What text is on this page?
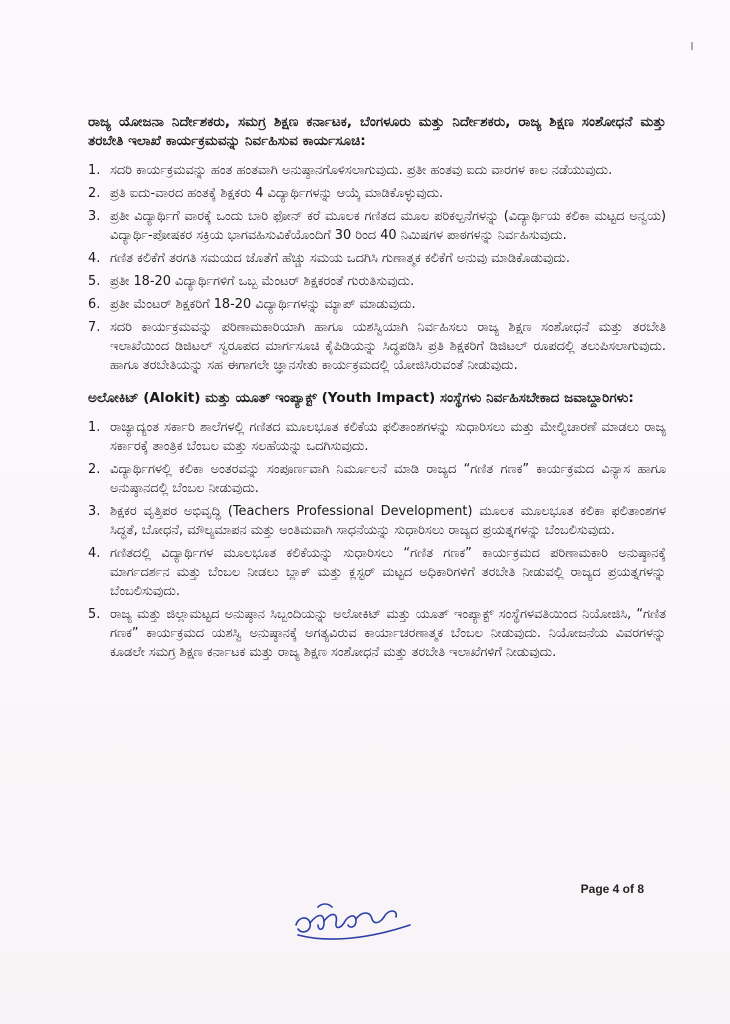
ರಾಜ್ಯ ಯೋಜನಾ ನಿರ್ದೇಶಕರು, ಸಮಗ್ರ ಶಿಕ್ಷಣ ಕರ್ನಾಟಕ, ಬೆಂಗಳೂರು ಮತ್ತು ನಿರ್ದೇಶಕರು, ರಾಜ್ಯ ಶಿಕ್ಷಣ ಸಂಶೋಧನೆ ಮತ್ತು ತರಬೇತಿ ಇಲಾಖೆ ಕಾರ್ಯಕ್ರಮವನ್ನು ನಿರ್ವಹಿಸುವ ಕಾರ್ಯಸೂಚಿ:
1. ಸದರಿ ಕಾರ್ಯಕ್ರಮವನ್ನು ಹಂತ ಹಂತವಾಗಿ ಅನುಷ್ಠಾನಗೊಳಿಸಲಾಗುವುದು. ಪ್ರತೀ ಹಂತವು ಐದು ವಾರಗಳ ಕಾಲ ನಡೆಯುವುದು.
2. ಪ್ರತಿ ಐದು-ವಾರದ ಹಂತಕ್ಕೆ ಶಿಕ್ಷಕರು 4 ವಿದ್ಯಾರ್ಥಿಗಳನ್ನು ಆಯ್ಕೆ ಮಾಡಿಕೊಳ್ಳುವುದು.
3. ಪ್ರತೀ ವಿದ್ಯಾರ್ಥಿಗೆ ವಾರಕ್ಕೆ ಒಂದು ಬಾರಿ ಫೋನ್ ಕರೆ ಮೂಲಕ ಗಣಿತದ ಮೂಲ ಪರಿಕಲ್ಪನೆಗಳನ್ನು (ವಿದ್ಯಾರ್ಥಿಯ ಕಲಿಕಾ ಮಟ್ಟದ ಅನ್ವಯ) ವಿದ್ಯಾರ್ಥಿ-ಪೋಷಕರ ಸಕ್ರಿಯ ಭಾಗವಹಿಸುವಿಕೆಯೊಂದಿಗೆ 30 ರಿಂದ 40 ನಿಮಿಷಗಳ ಪಾಠಗಳನ್ನು ನಿರ್ವಹಿಸುವುದು.
4. ಗಣಿತ ಕಲಿಕೆಗೆ ತರಗತಿ ಸಮಯದ ಜೊತೆಗೆ ಹೆಚ್ಚು ಸಮಯ ಒದಗಿಸಿ ಗುಣಾತ್ಮಕ ಕಲಿಕೆಗೆ ಅನುವು ಮಾಡಿಕೊಡುವುದು.
5. ಪ್ರತೀ 18-20 ವಿದ್ಯಾರ್ಥಿಗಳಿಗೆ ಒಬ್ಬ ಮೆಂಟರ್ ಶಿಕ್ಷಕರಂತೆ ಗುರುತಿಸುವುದು.
6. ಪ್ರತೀ ಮೆಂಟರ್ ಶಿಕ್ಷಕರಿಗೆ 18-20 ವಿದ್ಯಾರ್ಥಿಗಳನ್ನು ಮ್ಯಾಪ್ ಮಾಡುವುದು.
7. ಸದರಿ ಕಾರ್ಯಕ್ರಮವನ್ನು ಪರಿಣಾಮಕಾರಿಯಾಗಿ ಹಾಗೂ ಯಶಸ್ವಿಯಾಗಿ ನಿರ್ವಹಿಸಲು ರಾಜ್ಯ ಶಿಕ್ಷಣ ಸಂಶೋಧನೆ ಮತ್ತು ತರಬೇತಿ ಇಲಾಖೆಯಿಂದ ಡಿಜಿಟಲ್ ಸ್ವರೂಪದ ಮಾರ್ಗಸೂಚಿ ಕೈಪಿಡಿಯನ್ನು ಸಿದ್ಧಪಡಿಸಿ ಪ್ರತಿ ಶಿಕ್ಷಕರಿಗೆ ಡಿಜಿಟಲ್ ರೂಪದಲ್ಲಿ ತಲುಪಿಸಲಾಗುವುದು. ಹಾಗೂ ತರಬೇತಿಯನ್ನು ಸಹ ಈಗಾಗಲೇ ಜ್ಞಾನಸೇತು ಕಾರ್ಯಕ್ರಮದಲ್ಲಿ ಯೋಜಿಸಿರುವಂತೆ ನೀಡುವುದು.
ಅಲೋಕಿಟ್ (Alokit) ಮತ್ತು ಯೂತ್ ಇಂಪ್ಯಾಕ್ಟ್ (Youth Impact) ಸಂಸ್ಥೆಗಳು ನಿರ್ವಹಿಸಬೇಕಾದ ಜವಾಬ್ದಾರಿಗಳು:
1. ರಾಜ್ಯಾದ್ಯಂತ ಸರ್ಕಾರಿ ಶಾಲೆಗಳಲ್ಲಿ ಗಣಿತದ ಮೂಲಭೂತ ಕಲಿಕೆಯ ಫಲಿತಾಂಶಗಳನ್ನು ಸುಧಾರಿಸಲು ಮತ್ತು ಮೇಲ್ವಿಚಾರಣೆ ಮಾಡಲು ರಾಜ್ಯ ಸರ್ಕಾರಕ್ಕೆ ತಾಂತ್ರಿಕ ಬೆಂಬಲ ಮತ್ತು ಸಲಹೆಯನ್ನು ಒದಗಿಸುವುದು.
2. ವಿದ್ಯಾರ್ಥಿಗಳಲ್ಲಿ ಕಲಿಕಾ ಅಂತರವನ್ನು ಸಂಪೂರ್ಣವಾಗಿ ನಿರ್ಮೂಲನೆ ಮಾಡಿ ರಾಜ್ಯದ “ಗಣಿತ ಗಣಕ” ಕಾರ್ಯಕ್ರಮದ ವಿನ್ಯಾಸ ಹಾಗೂ ಅನುಷ್ಠಾನದಲ್ಲಿ ಬೆಂಬಲ ನೀಡುವುದು.
3. ಶಿಕ್ಷಕರ ವೃತ್ತಿಪರ ಅಭಿವೃದ್ಧಿ (Teachers Professional Development) ಮೂಲಕ ಮೂಲಭೂತ ಕಲಿಕಾ ಫಲಿತಾಂಶಗಳ ಸಿದ್ಧತೆ, ಬೋಧನೆ, ಮೌಲ್ಯಮಾಪನ ಮತ್ತು ಅಂತಿಮವಾಗಿ ಸಾಧನೆಯನ್ನು ಸುಧಾರಿಸಲು ರಾಜ್ಯದ ಪ್ರಯತ್ನಗಳನ್ನು ಬೆಂಬಲಿಸುವುದು.
4. ಗಣಿತದಲ್ಲಿ ವಿದ್ಯಾರ್ಥಿಗಳ ಮೂಲಭೂತ ಕಲಿಕೆಯನ್ನು ಸುಧಾರಿಸಲು “ಗಣಿತ ಗಣಕ” ಕಾರ್ಯಕ್ರಮದ ಪರಿಣಾಮಕಾರಿ ಅನುಷ್ಠಾನಕ್ಕೆ ಮಾರ್ಗದರ್ಶನ ಮತ್ತು ಬೆಂಬಲ ನೀಡಲು ಬ್ಲಾಕ್ ಮತ್ತು ಕ್ಲಸ್ಟರ್ ಮಟ್ಟದ ಅಧಿಕಾರಿಗಳಿಗೆ ತರಬೇತಿ ನೀಡುವಲ್ಲಿ ರಾಜ್ಯದ ಪ್ರಯತ್ನಗಳನ್ನು ಬೆಂಬಲಿಸುವುದು.
5. ರಾಜ್ಯ ಮತ್ತು ಜಿಲ್ಲಾಮಟ್ಟದ ಅನುಷ್ಠಾನ ಸಿಬ್ಬಂದಿಯನ್ನು ಅಲೋಕಿಟ್ ಮತ್ತು ಯೂತ್ ಇಂಪ್ಯಾಕ್ಟ್ ಸಂಸ್ಥೆಗಳವತಿಯಿಂದ ನಿಯೋಜಿಸಿ, “ಗಣಿತ ಗಣಕ” ಕಾರ್ಯಕ್ರಮದ ಯಶಸ್ವಿ ಅನುಷ್ಠಾನಕ್ಕೆ ಅಗತ್ಯವಿರುವ ಕಾರ್ಯಾಚರಣಾತ್ಮಕ ಬೆಂಬಲ ನೀಡುವುದು. ನಿಯೋಜನೆಯ ವಿವರಗಳನ್ನು ಕೂಡಲೇ ಸಮಗ್ರ ಶಿಕ್ಷಣ ಕರ್ನಾಟಕ ಮತ್ತು ರಾಜ್ಯ ಶಿಕ್ಷಣ ಸಂಶೋಧನೆ ಮತ್ತು ತರಬೇತಿ ಇಲಾಖೆಗಳಿಗೆ ನೀಡುವುದು.
Page 4 of 8
